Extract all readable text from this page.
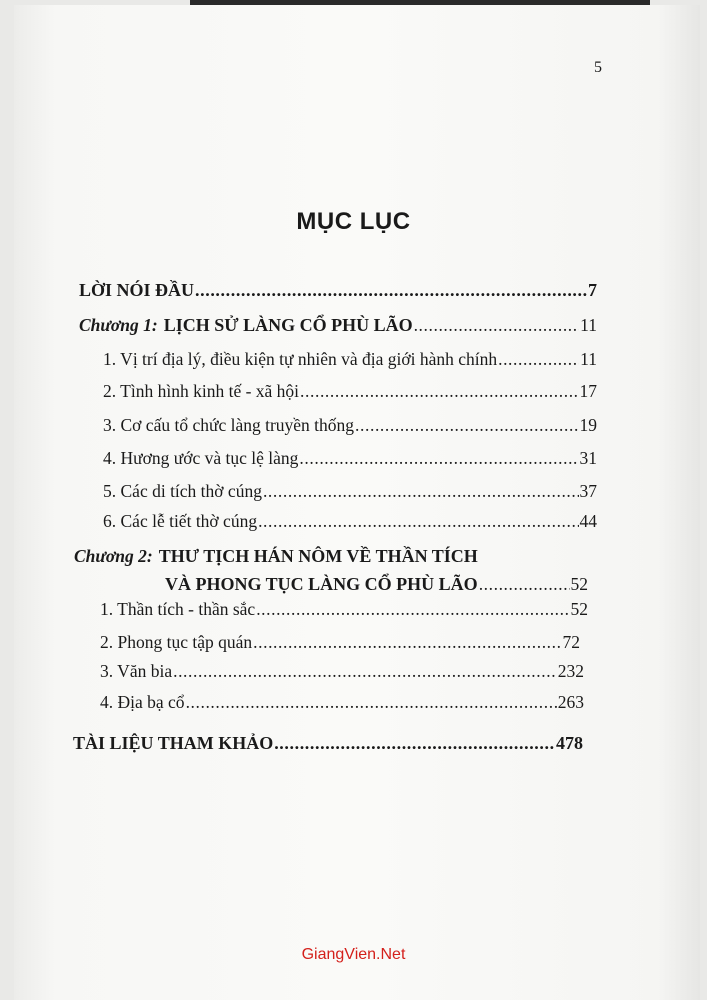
5
MỤC LỤC
LỜI NÓI ĐẦU .....	7
Chương 1: LỊCH SỬ LÀNG CỔ PHÙ LÃO .....	11
1. Vị trí địa lý, điều kiện tự nhiên và địa giới hành chính .....	11
2. Tình hình kinh tế - xã hội .....	17
3. Cơ cấu tổ chức làng truyền thống .....	19
4. Hương ước và tục lệ làng .....	31
5. Các di tích thờ cúng .....	37
6. Các lễ tiết thờ cúng .....	44
Chương 2: THƯ TỊCH HÁN NÔM VỀ THẦN TÍCH
VÀ PHONG TỤC LÀNG CỔ PHÙ LÃO .....	52
1. Thần tích - thần sắc .....	52
2. Phong tục tập quán .....	72
3. Văn bia .....	232
4. Địa bạ cổ .....	263
TÀI LIỆU THAM KHẢO .....	478
GiangVien.Net
